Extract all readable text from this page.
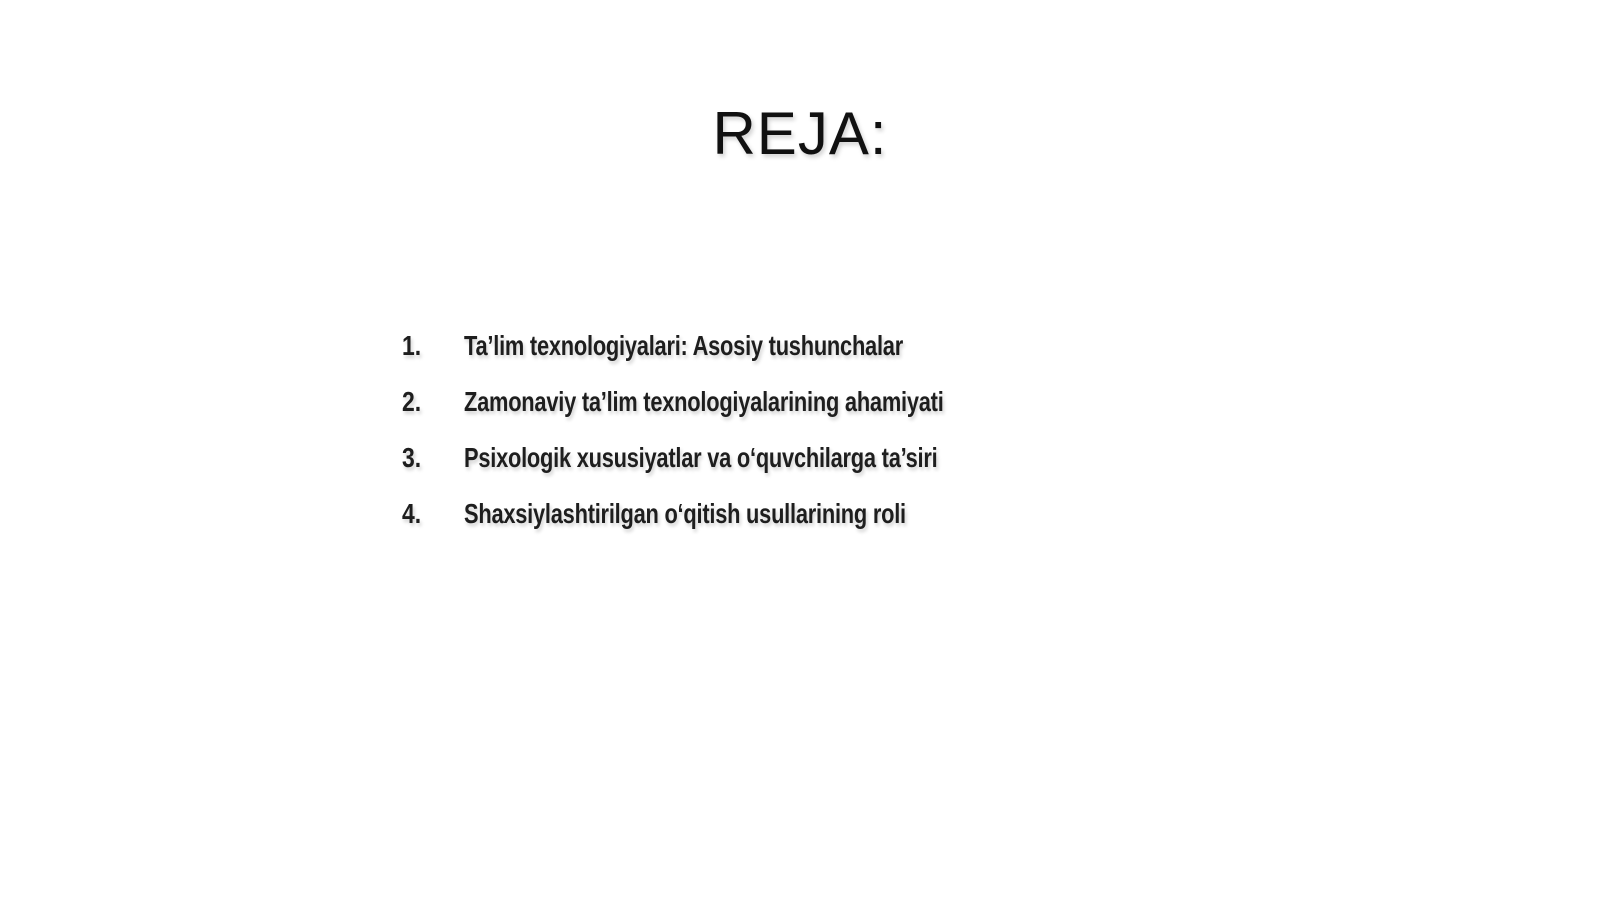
REJA:
1.	Ta’lim texnologiyalari: Asosiy tushunchalar
2.	Zamonaviy ta’lim texnologiyalarining ahamiyati
3.	Psixologik xususiyatlar va o‘quvchilarga ta’siri
4.	Shaxsiylashtirilgan o‘qitish usullarining roli
